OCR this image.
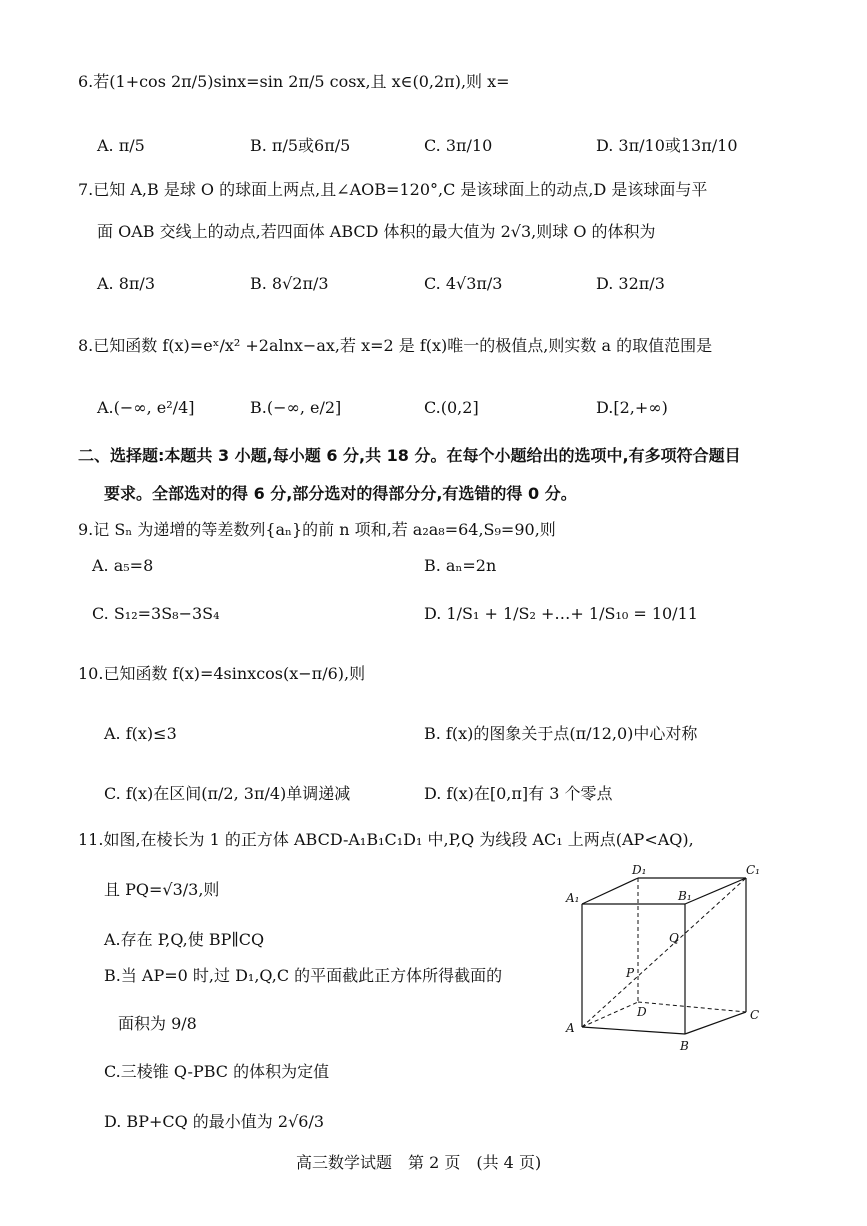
6.若(1+cos 2π/5)sinx=sin 2π/5 cosx,且 x∈(0,2π),则 x=
A. π/5	B. π/5或6π/5	C. 3π/10	D. 3π/10或13π/10
7.已知 A,B 是球 O 的球面上两点,且∠AOB=120°,C 是该球面上的动点,D 是该球面与平
面 OAB 交线上的动点,若四面体 ABCD 体积的最大值为 2√3,则球 O 的体积为
A. 8π/3	B. 8√2π/3	C. 4√3π/3	D. 32π/3
8.已知函数 f(x)=eˣ/x² +2alnx−ax,若 x=2 是 f(x)唯一的极值点,则实数 a 的取值范围是
A.(−∞, e²/4]	B.(−∞, e/2]	C.(0,2]	D.[2,+∞)
二、选择题:本题共 3 小题,每小题 6 分,共 18 分。在每个小题给出的选项中,有多项符合题目
要求。全部选对的得 6 分,部分选对的得部分分,有选错的得 0 分。
9.记 Sₙ 为递增的等差数列{aₙ}的前 n 项和,若 a₂a₈=64,S₉=90,则
A. a₅=8	B. aₙ=2n
C. S₁₂=3S₈−3S₄	D. 1/S₁ + 1/S₂ +…+ 1/S₁₀ = 10/11
10.已知函数 f(x)=4sinxcos(x−π/6),则
A. f(x)≤3	B. f(x)的图象关于点(π/12,0)中心对称
C. f(x)在区间(π/2, 3π/4)单调递减	D. f(x)在[0,π]有 3 个零点
11.如图,在棱长为 1 的正方体 ABCD-A₁B₁C₁D₁ 中,P,Q 为线段 AC₁ 上两点(AP<AQ),
且 PQ=√3/3,则
A.存在 P,Q,使 BP∥CQ
B.当 AP=0 时,过 D₁,Q,C 的平面截此正方体所得截面的
面积为 9/8
C.三棱锥 Q-PBC 的体积为定值
D. BP+CQ 的最小值为 2√6/3
A
B
C
D
A₁	B₁
C₁
D₁
P
Q
高三数学试题　第 2 页　(共 4 页)
